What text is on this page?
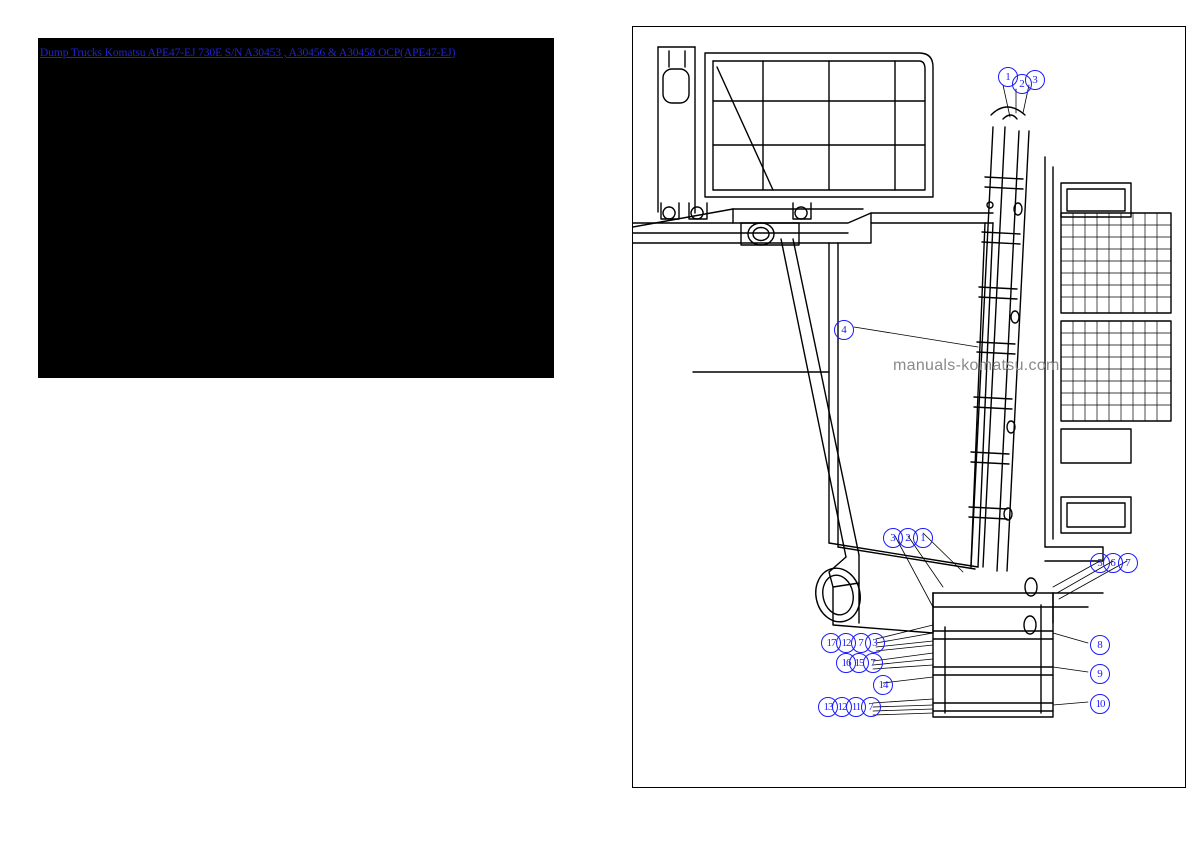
Dump Trucks Komatsu APE47-EJ 730E S/N A30453 , A30456 & A30458 OCP(APE47-EJ)
manuals-komatsu.com
1
2 3
4
3 2 1
5 6 7
17 12 7 3	8
16 15 7
9
14
10
13 12 11 7
